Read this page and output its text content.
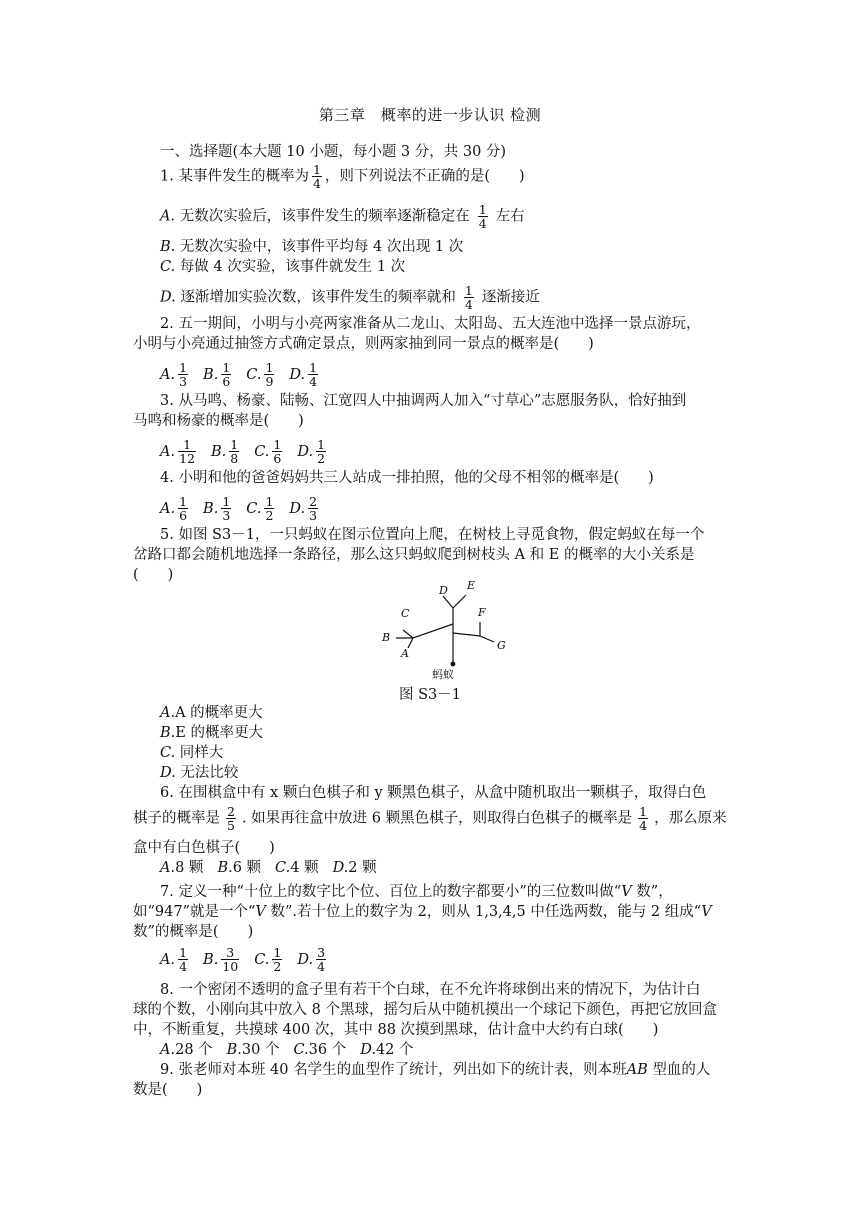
第三章　概率的进一步认识 检测
一、选择题(本大题 10 小题，每小题 3 分，共 30 分)
1. 某事件发生的概率为 $\frac{1}{4}$ ，则下列说法不正确的是(　　)
A. 无数次实验后，该事件发生的频率逐渐稳定在 $\frac{1}{4}$ 左右
B. 无数次实验中，该事件平均每 4 次出现 1 次
C. 每做 4 次实验，该事件就发生 1 次
D. 逐渐增加实验次数，该事件发生的频率就和 $\frac{1}{4}$ 逐渐接近
2. 五一期间，小明与小亮两家准备从二龙山、太阳岛、五大连池中选择一景点游玩，
小明与小亮通过抽签方式确定景点，则两家抽到同一景点的概率是(　　)
A. $\frac{1}{3} B$. $\frac{1}{6} C$. $\frac{1}{9} D$. $\frac{1}{4}$
3. 从马鸣、杨豪、陆畅、江宽四人中抽调两人加入“寸草心”志愿服务队，恰好抽到
马鸣和杨豪的概率是(　　)
A. $\frac{1}{12} B$. $\frac{1}{8} C$. $\frac{1}{6} D$. $\frac{1}{2}$
4. 小明和他的爸爸妈妈共三人站成一排拍照，他的父母不相邻的概率是(　　)
A. $\frac{1}{6} B$. $\frac{1}{3} C$. $\frac{1}{2} D$. $\frac{2}{3}$
5. 如图 S3－1，一只蚂蚁在图示位置向上爬，在树枝上寻觅食物，假定蚂蚁在每一个
岔路口都会随机地选择一条路径，那么这只蚂蚁爬到树枝头 A 和 E 的概率的大小关系是
(　　)
C
B
A
D E
F
G
蚂蚁
图 S3－1
A.A 的概率更大
B.E 的概率更大
C. 同样大
D. 无法比较
6. 在围棋盒中有 x 颗白色棋子和 y 颗黑色棋子，从盒中随机取出一颗棋子，取得白色
棋子的概率是 $\frac{2}{5}$ . 如果再往盒中放进 6 颗黑色棋子，则取得白色棋子的概率是 $\frac{1}{4}$ ，那么原来
盒中有白色棋子(　　)
A.8 颗 B.6 颗 C.4 颗 D.2 颗
7. 定义一种“十位上的数字比个位、百位上的数字都要小”的三位数叫做“V 数”，
如“947”就是一个“V 数”.若十位上的数字为 2，则从 1,3,4,5 中任选两数，能与 2 组成“V
数”的概率是(　　)
A. $\frac{1}{4} B$. $\frac{3}{10} C$. $\frac{1}{2} D$. $\frac{3}{4}$
8. 一个密闭不透明的盒子里有若干个白球，在不允许将球倒出来的情况下，为估计白
球的个数，小刚向其中放入 8 个黑球，摇匀后从中随机摸出一个球记下颜色，再把它放回盒
中，不断重复，共摸球 400 次，其中 88 次摸到黑球，估计盒中大约有白球(　　)
A.28 个 B.30 个 C.36 个 D.42 个
9. 张老师对本班 40 名学生的血型作了统计，列出如下的统计表，则本班AB 型血的人
数是(　　)
